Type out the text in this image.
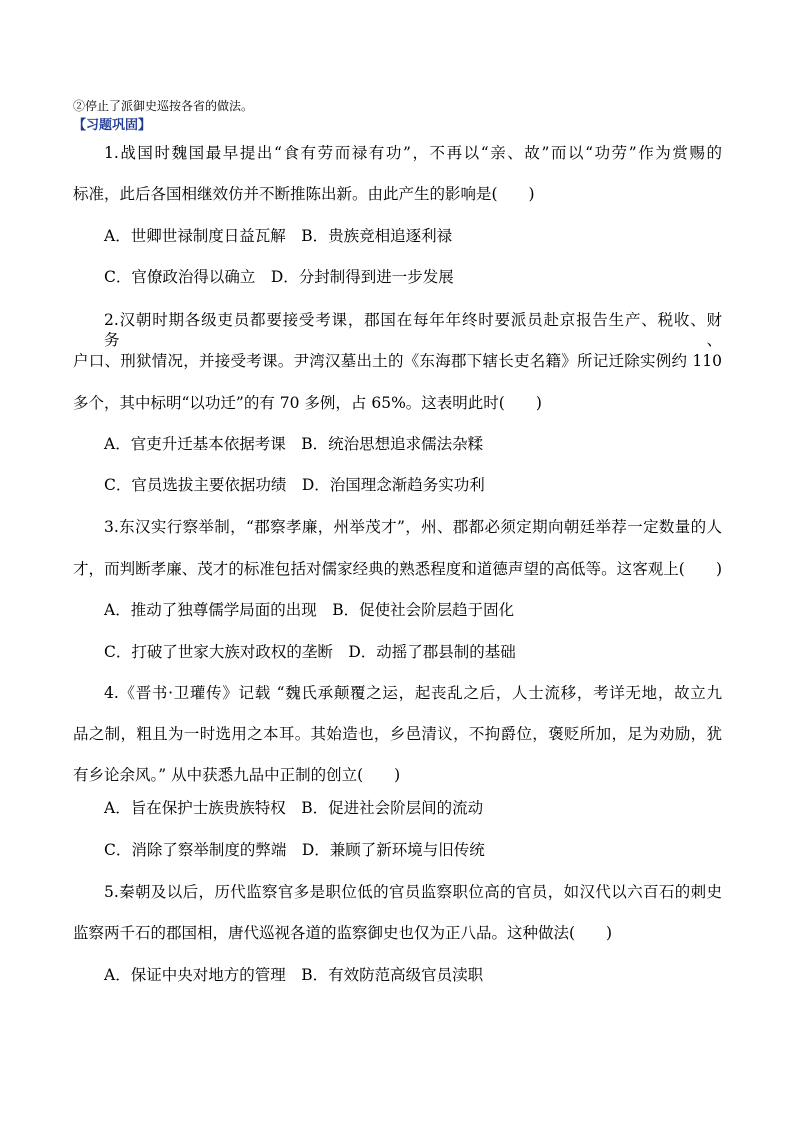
②停止了派御史巡按各省的做法。
【习题巩固】
1.战国时魏国最早提出“食有劳而禄有功”，不再以“亲、故”而以“功劳”作为赏赐的
标准，此后各国相继效仿并不断推陈出新。由此产生的影响是(　　)
A．世卿世禄制度日益瓦解　B．贵族竞相追逐利禄
C．官僚政治得以确立　D．分封制得到进一步发展
2.汉朝时期各级吏员都要接受考课，郡国在每年年终时要派员赴京报告生产、税收、财务、
户口、刑狱情况，并接受考课。尹湾汉墓出土的《东海郡下辖长吏名籍》所记迁除实例约 110
多个，其中标明“以功迁”的有 70 多例，占 65%。这表明此时(　　)
A．官吏升迁基本依据考课　B．统治思想追求儒法杂糅
C．官员选拔主要依据功绩　D．治国理念渐趋务实功利
3.东汉实行察举制，“郡察孝廉，州举茂才”，州、郡都必须定期向朝廷举荐一定数量的人
才，而判断孝廉、茂才的标准包括对儒家经典的熟悉程度和道德声望的高低等。这客观上(　　)
A．推动了独尊儒学局面的出现　B．促使社会阶层趋于固化
C．打破了世家大族对政权的垄断　D．动摇了郡县制的基础
4.《晋书·卫瓘传》记载 “魏氏承颠覆之运，起丧乱之后，人士流移，考详无地，故立九
品之制，粗且为一时选用之本耳。其始造也，乡邑清议，不拘爵位，褒贬所加，足为劝励，犹
有乡论余风。” 从中获悉九品中正制的创立(　　)
A．旨在保护士族贵族特权　B．促进社会阶层间的流动
C．消除了察举制度的弊端　D．兼顾了新环境与旧传统
5.秦朝及以后，历代监察官多是职位低的官员监察职位高的官员，如汉代以六百石的刺史
监察两千石的郡国相，唐代巡视各道的监察御史也仅为正八品。这种做法(　　)
A．保证中央对地方的管理　B．有效防范高级官员渎职
